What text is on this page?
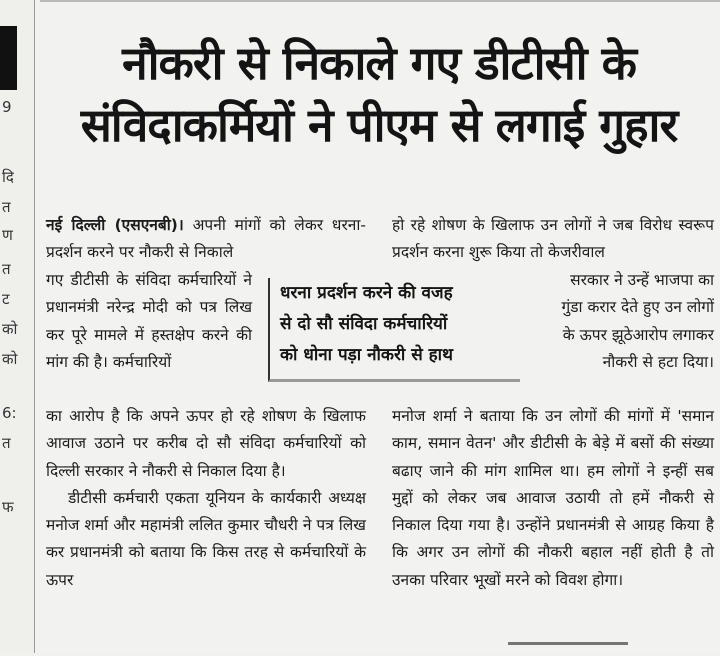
9
दि
त
ण
त
ट
को
को
6:
त
फ
नौकरी से निकाले गए डीटीसी के
संविदाकर्मियों ने पीएम से लगाई गुहार

नई दिल्ली (एसएनबी)। अपनी मांगों को लेकर धरना-प्रदर्शन करने पर नौकरी से निकाले

हो रहे शोषण के खिलाफ उन लोगों ने जब विरोध स्वरूप प्रदर्शन करना शुरू किया तो केजरीवाल

गए डीटीसी के संविदा कर्मचारियों ने प्रधानमंत्री नरेन्द्र मोदी को पत्र लिख कर पूरे मामले में हस्तक्षेप करने की मांग की है। कर्मचारियों

धरना प्रदर्शन करने की वजह
से दो सौ संविदा कर्मचारियों
को धोना पड़ा नौकरी से हाथ

सरकार ने उन्हें भाजपा का गुंडा करार देते हुए उन लोगों के ऊपर झूठेआरोप लगाकर नौकरी से हटा दिया।

का आरोप है कि अपने ऊपर हो रहे शोषण के खिलाफ आवाज उठाने पर करीब दो सौ संविदा कर्मचारियों को दिल्ली सरकार ने नौकरी से निकाल दिया है।

डीटीसी कर्मचारी एकता यूनियन के कार्यकारी अध्यक्ष मनोज शर्मा और महामंत्री ललित कुमार चौधरी ने पत्र लिख कर प्रधानमंत्री को बताया कि किस तरह से कर्मचारियों के ऊपर

मनोज शर्मा ने बताया कि उन लोगों की मांगों में 'समान काम, समान वेतन' और डीटीसी के बेड़े में बसों की संख्या बढाए जाने की मांग शामिल था। हम लोगों ने इन्हीं सब मुद्दों को लेकर जब आवाज उठायी तो हमें नौकरी से निकाल दिया गया है। उन्होंने प्रधानमंत्री से आग्रह किया है कि अगर उन लोगों की नौकरी बहाल नहीं होती है तो उनका परिवार भूखों मरने को विवश होगा।
